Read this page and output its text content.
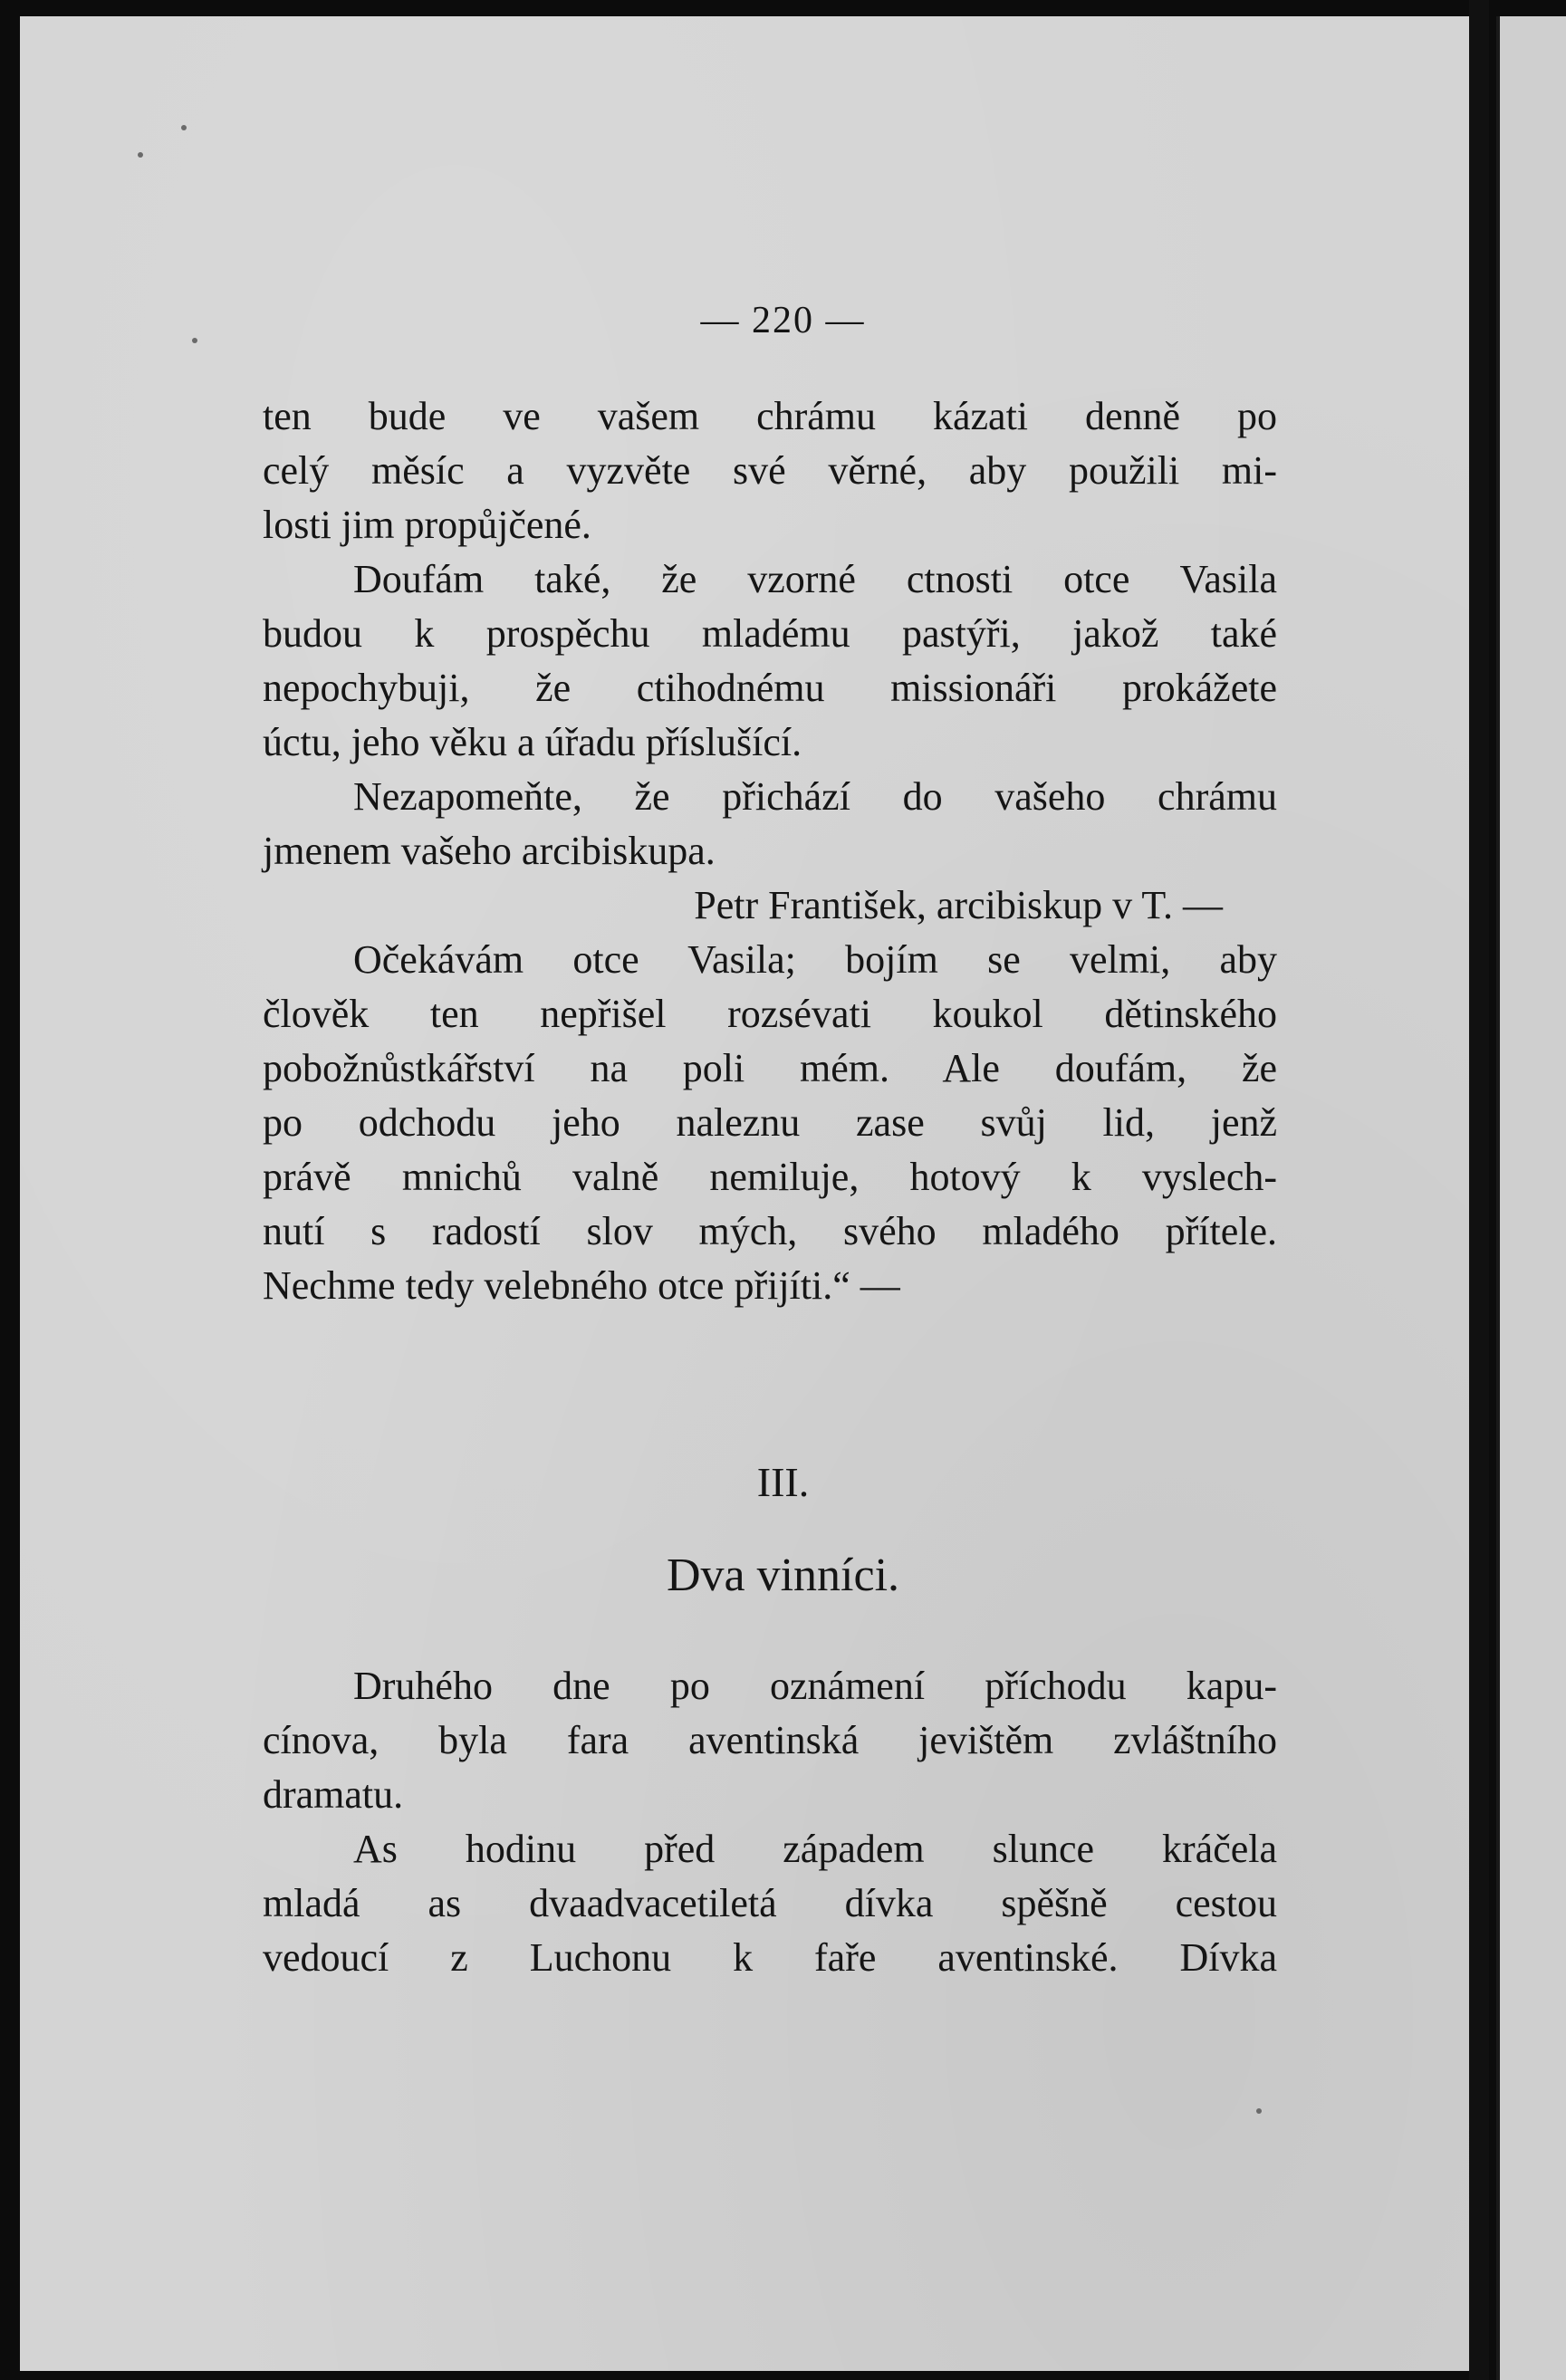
— 220 —
ten bude ve vašem chrámu kázati denně po
celý měsíc a vyzvěte své věrné, aby použili mi-
losti jim propůjčené.
Doufám také, že vzorné ctnosti otce Vasila
budou k prospěchu mladému pastýři, jakož také
nepochybuji, že ctihodnému missionáři prokážete
úctu, jeho věku a úřadu příslušící.
Nezapomeňte, že přichází do vašeho chrámu
jmenem vašeho arcibiskupa.
Petr František, arcibiskup v T. —
Očekávám otce Vasila; bojím se velmi, aby
člověk ten nepřišel rozsévati koukol dětinského
pobožnůstkářství na poli mém. Ale doufám, že
po odchodu jeho naleznu zase svůj lid, jenž
právě mnichů valně nemiluje, hotový k vyslech-
nutí s radostí slov mých, svého mladého přítele.
Nechme tedy velebného otce přijíti.“ —
III.
Dva vinníci.
Druhého dne po oznámení příchodu kapu-
cínova, byla fara aventinská jevištěm zvláštního
dramatu.
As hodinu před západem slunce kráčela
mladá as dvaadvacetiletá dívka spěšně cestou
vedoucí z Luchonu k faře aventinské. Dívka
